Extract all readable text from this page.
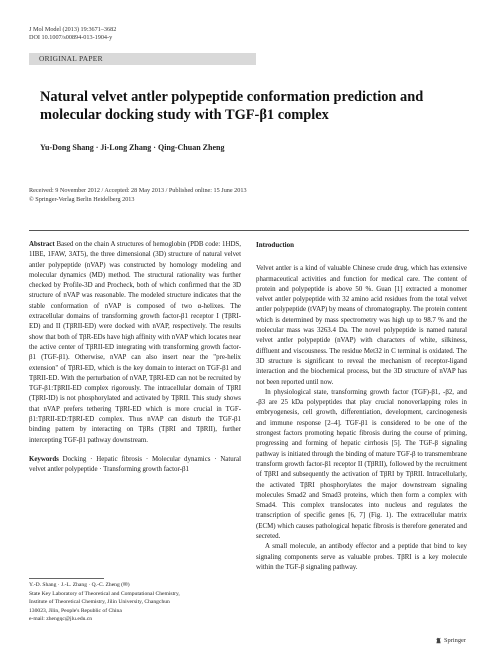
J Mol Model (2013) 19:3671–3682
DOI 10.1007/s00894-013-1904-y
ORIGINAL PAPER
Natural velvet antler polypeptide conformation prediction and molecular docking study with TGF-β1 complex
Yu-Dong Shang · Ji-Long Zhang · Qing-Chuan Zheng
Received: 9 November 2012 / Accepted: 28 May 2013 / Published online: 15 June 2013
© Springer-Verlag Berlin Heidelberg 2013

Abstract Based on the chain A structures of hemoglobin (PDB code: 1HDS, 1IBE, 1FAW, 3AT5), the three dimensional (3D) structure of natural velvet antler polypeptide (nVAP) was constructed by homology modeling and molecular dynamics (MD) method. The structural rationality was further checked by Profile-3D and Procheck, both of which confirmed that the 3D structure of nVAP was reasonable. The modeled structure indicates that the stable conformation of nVAP is composed of two α-helixes. The extracellular domains of transforming growth factor-β1 receptor I (TβRI-ED) and II (TβRII-ED) were docked with nVAP, respectively. The results show that both of TβR-EDs have high affinity with nVAP which locates near the active center of TβRII-ED integrating with transforming growth factor-β1 (TGF-β1). Otherwise, nVAP can also insert near the "pre-helix extension" of TβRI-ED, which is the key domain to interact on TGF-β1 and TβRII-ED. With the perturbation of nVAP, TβRI-ED can not be recruited by TGF-β1:TβRII-ED complex rigorously. The intracellular domain of TβRI (TβRI-ID) is not phosphorylated and activated by TβRII. This study shows that nVAP prefers tethering TβRI-ED which is more crucial in TGF-β1:TβRII-ED:TβRI-ED complex. Thus nVAP can disturb the TGF-β1 binding pattern by interacting on TβRs (TβRI and TβRII), further intercepting TGF-β1 pathway downstream.

Keywords Docking · Hepatic fibrosis · Molecular dynamics · Natural velvet antler polypeptide · Transforming growth factor-β1

Introduction

Velvet antler is a kind of valuable Chinese crude drug, which has extensive pharmaceutical activities and function for medical care. The content of protein and polypeptide is above 50 %. Guan [1] extracted a monomer velvet antler polypeptide with 32 amino acid residues from the total velvet antler polypeptide (tVAP) by means of chromatography. The protein content which is determined by mass spectrometry was high up to 98.7 % and the molecular mass was 3263.4 Da. The novel polypeptide is named natural velvet antler polypeptide (nVAP) with characters of white, silkiness, diffluent and viscousness. The residue Met32 in C terminal is oxidated. The 3D structure is significant to reveal the mechanism of receptor-ligand interaction and the biochemical process, but the 3D structure of nVAP has not been reported until now.

In physiological state, transforming growth factor (TGF)-β1, -β2, and -β3 are 25 kDa polypeptides that play crucial nonoverlapping roles in embryogenesis, cell growth, differentiation, development, carcinogenesis and immune response [2–4]. TGF-β1 is considered to be one of the strongest factors promoting hepatic fibrosis during the course of priming, progressing and forming of hepatic cirrhosis [5]. The TGF-β signaling pathway is initiated through the binding of mature TGF-β to transmembrane transform growth factor-β1 receptor II (TβRII), followed by the recruitment of TβRI and subsequently the activation of TβRI by TβRII. Intracellularly, the activated TβRI phosphorylates the major downstream signaling molecules Smad2 and Smad3 proteins, which then form a complex with Smad4. This complex translocates into nucleus and regulates the transcription of specific genes [6, 7] (Fig. 1). The extracellular matrix (ECM) which causes pathological hepatic fibrosis is therefore generated and secreted.

A small molecule, an antibody effector and a peptide that bind to key signaling components serve as valuable probes. TβRI is a key molecule within the TGF-β signaling pathway.

Y.-D. Shang · J.-L. Zhang · Q.-C. Zheng (✉)
State Key Laboratory of Theoretical and Computational Chemistry,
Institute of Theoretical Chemistry, Jilin University, Changchun
130023, Jilin, People's Republic of China
e-mail: zhengqc@jlu.edu.cn
Springer
